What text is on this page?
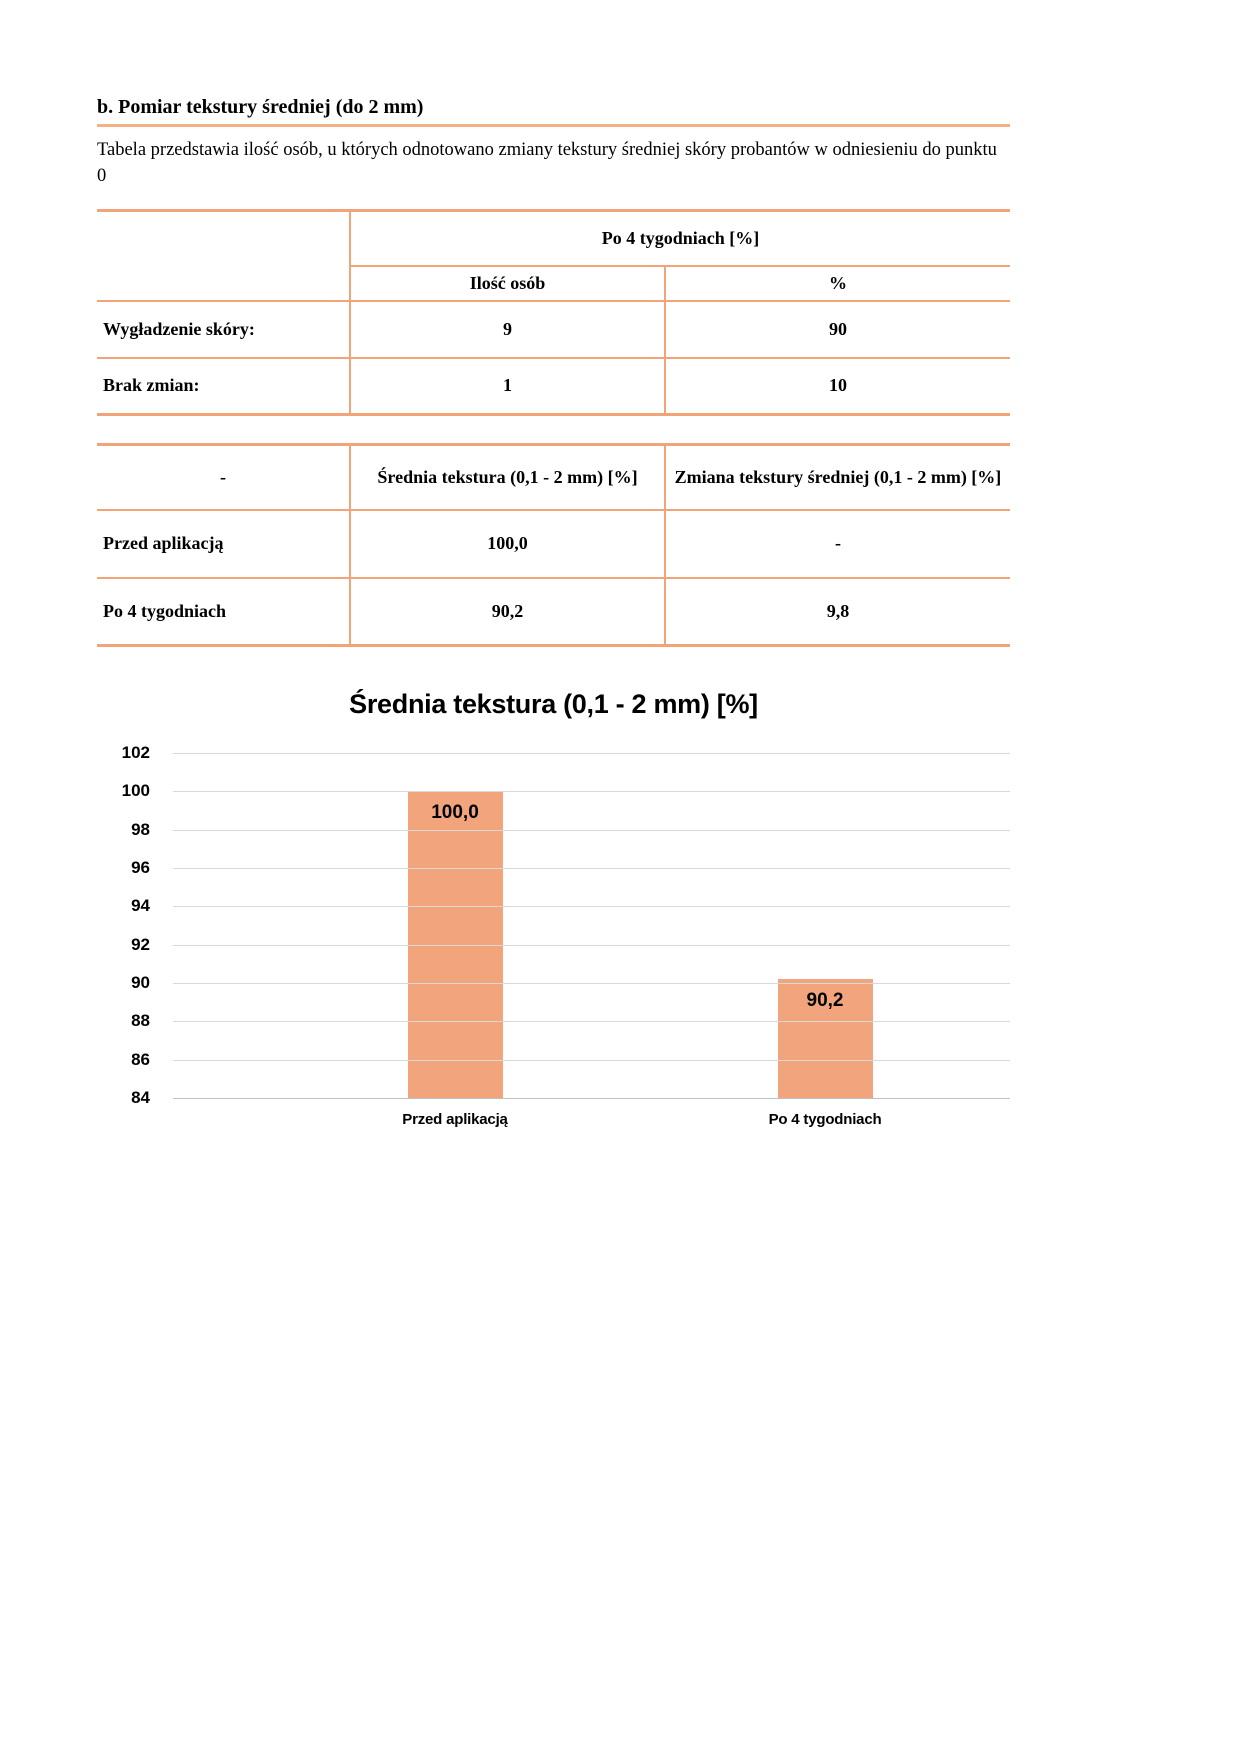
b. Pomiar tekstury średniej (do 2 mm)
Tabela przedstawia ilość osób, u których odnotowano zmiany tekstury średniej skóry probantów w odniesieniu do punktu
0
	Po 4 tygodniach [%]	
	Ilość osób	%
Wygładzenie skóry:	9	90
Brak zmian:	1	10
-	Średnia tekstura (0,1 - 2 mm) [%]	Zmiana tekstury średniej (0,1 - 2 mm) [%]
Przed aplikacją	100,0	-
Po 4 tygodniach	90,2	9,8
Średnia tekstura (0,1 - 2 mm) [%]
102
100
98
96
94
92
90
88
86
84
Przed aplikacją	Po 4 tygodniach
100,0
90,2
